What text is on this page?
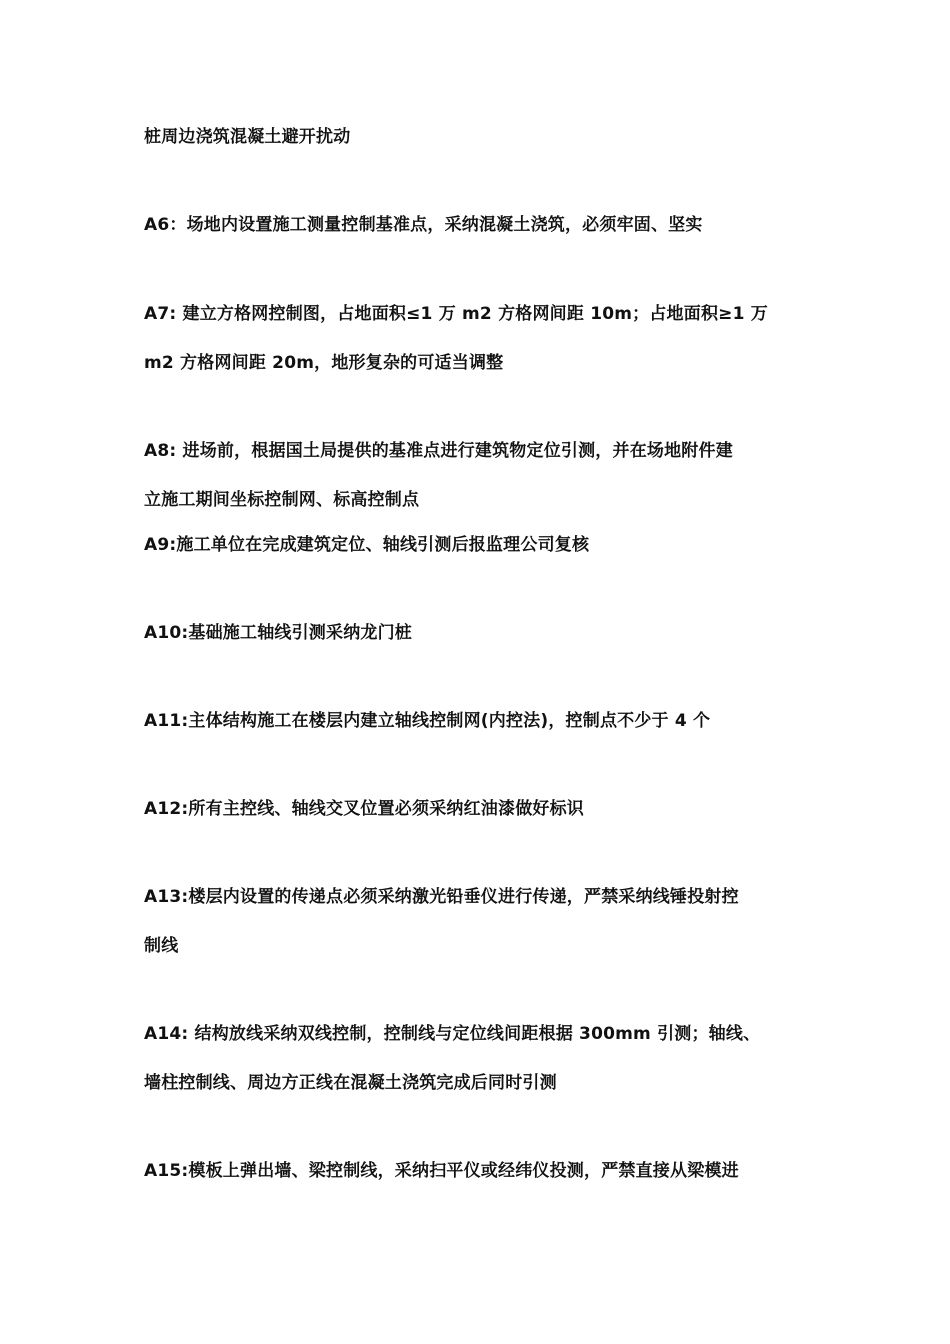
桩周边浇筑混凝土避开扰动
A6：场地内设置施工测量控制基准点，采纳混凝土浇筑，必须牢固、坚实
A7: 建立方格网控制图，占地面积≤1 万 m2 方格网间距 10m；占地面积≥1 万
m2 方格网间距 20m，地形复杂的可适当调整
A8: 进场前，根据国土局提供的基准点进行建筑物定位引测，并在场地附件建
立施工期间坐标控制网、标高控制点
A9:施工单位在完成建筑定位、轴线引测后报监理公司复核
A10:基础施工轴线引测采纳龙门桩
A11:主体结构施工在楼层内建立轴线控制网(内控法)，控制点不少于 4 个
A12:所有主控线、轴线交叉位置必须采纳红油漆做好标识
A13:楼层内设置的传递点必须采纳激光铅垂仪进行传递，严禁采纳线锤投射控
制线
A14: 结构放线采纳双线控制，控制线与定位线间距根据 300mm 引测；轴线、
墙柱控制线、周边方正线在混凝土浇筑完成后同时引测
A15:模板上弹出墙、梁控制线，采纳扫平仪或经纬仪投测，严禁直接从梁模进
